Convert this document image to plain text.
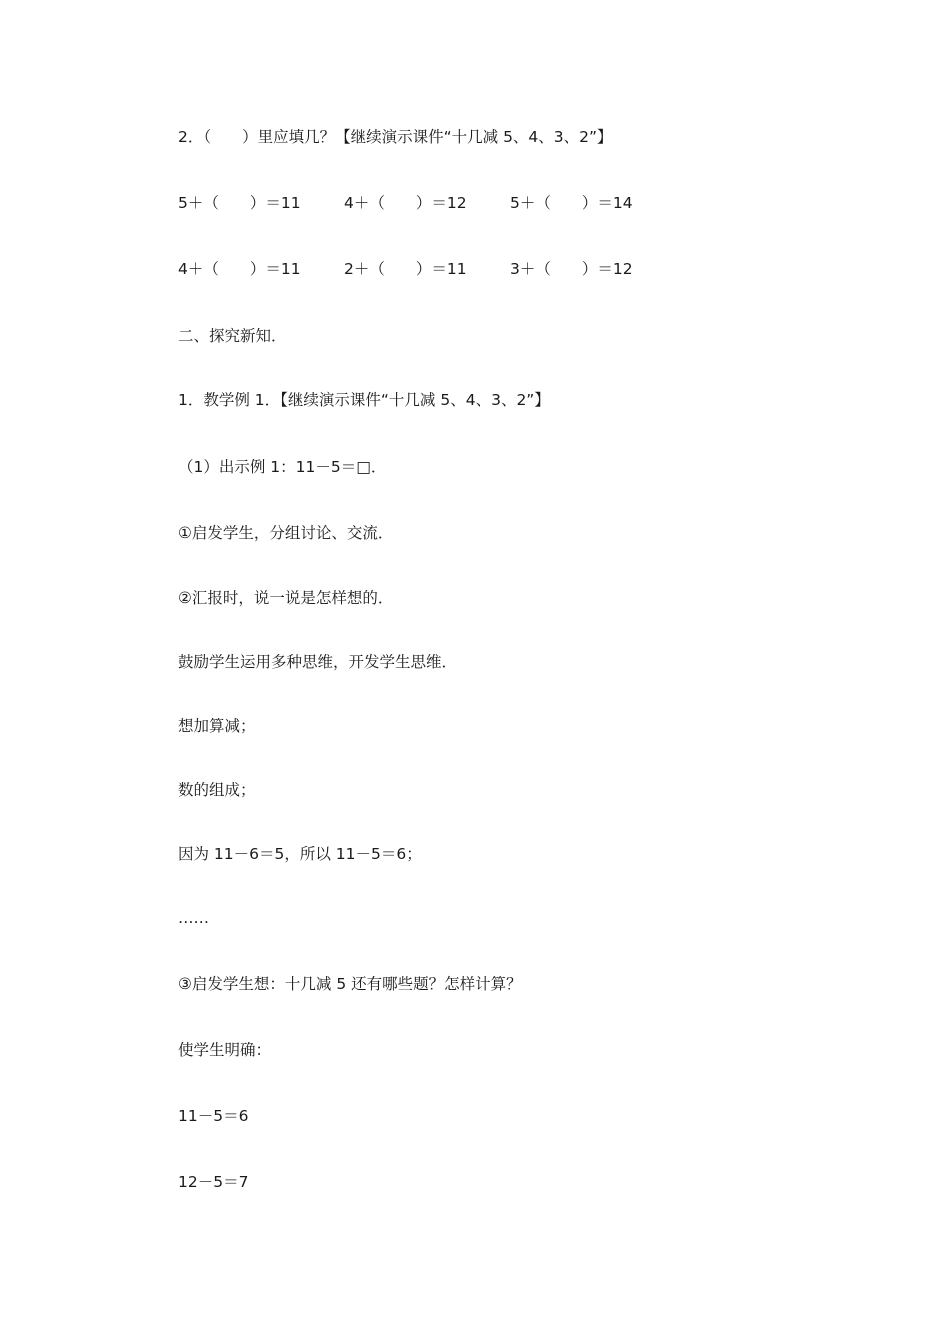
2．（　　）里应填几？【继续演示课件“十几减 5、4、3、2”】

5＋（　　）＝11	4＋（　　）＝12	5＋（　　）＝14
4＋（　　）＝11	2＋（　　）＝11	3＋（　　）＝12

二、探究新知．

1．教学例 1．【继续演示课件“十几减 5、4、3、2”】

（1）出示例 1：11－5＝□．

①启发学生，分组讨论、交流．

②汇报时，说一说是怎样想的．

鼓励学生运用多种思维，开发学生思维．

想加算减；

数的组成；

因为 11－6＝5，所以 11－5＝6；

……

③启发学生想：十几减 5 还有哪些题？怎样计算？

使学生明确：

11－5＝6

12－5＝7
